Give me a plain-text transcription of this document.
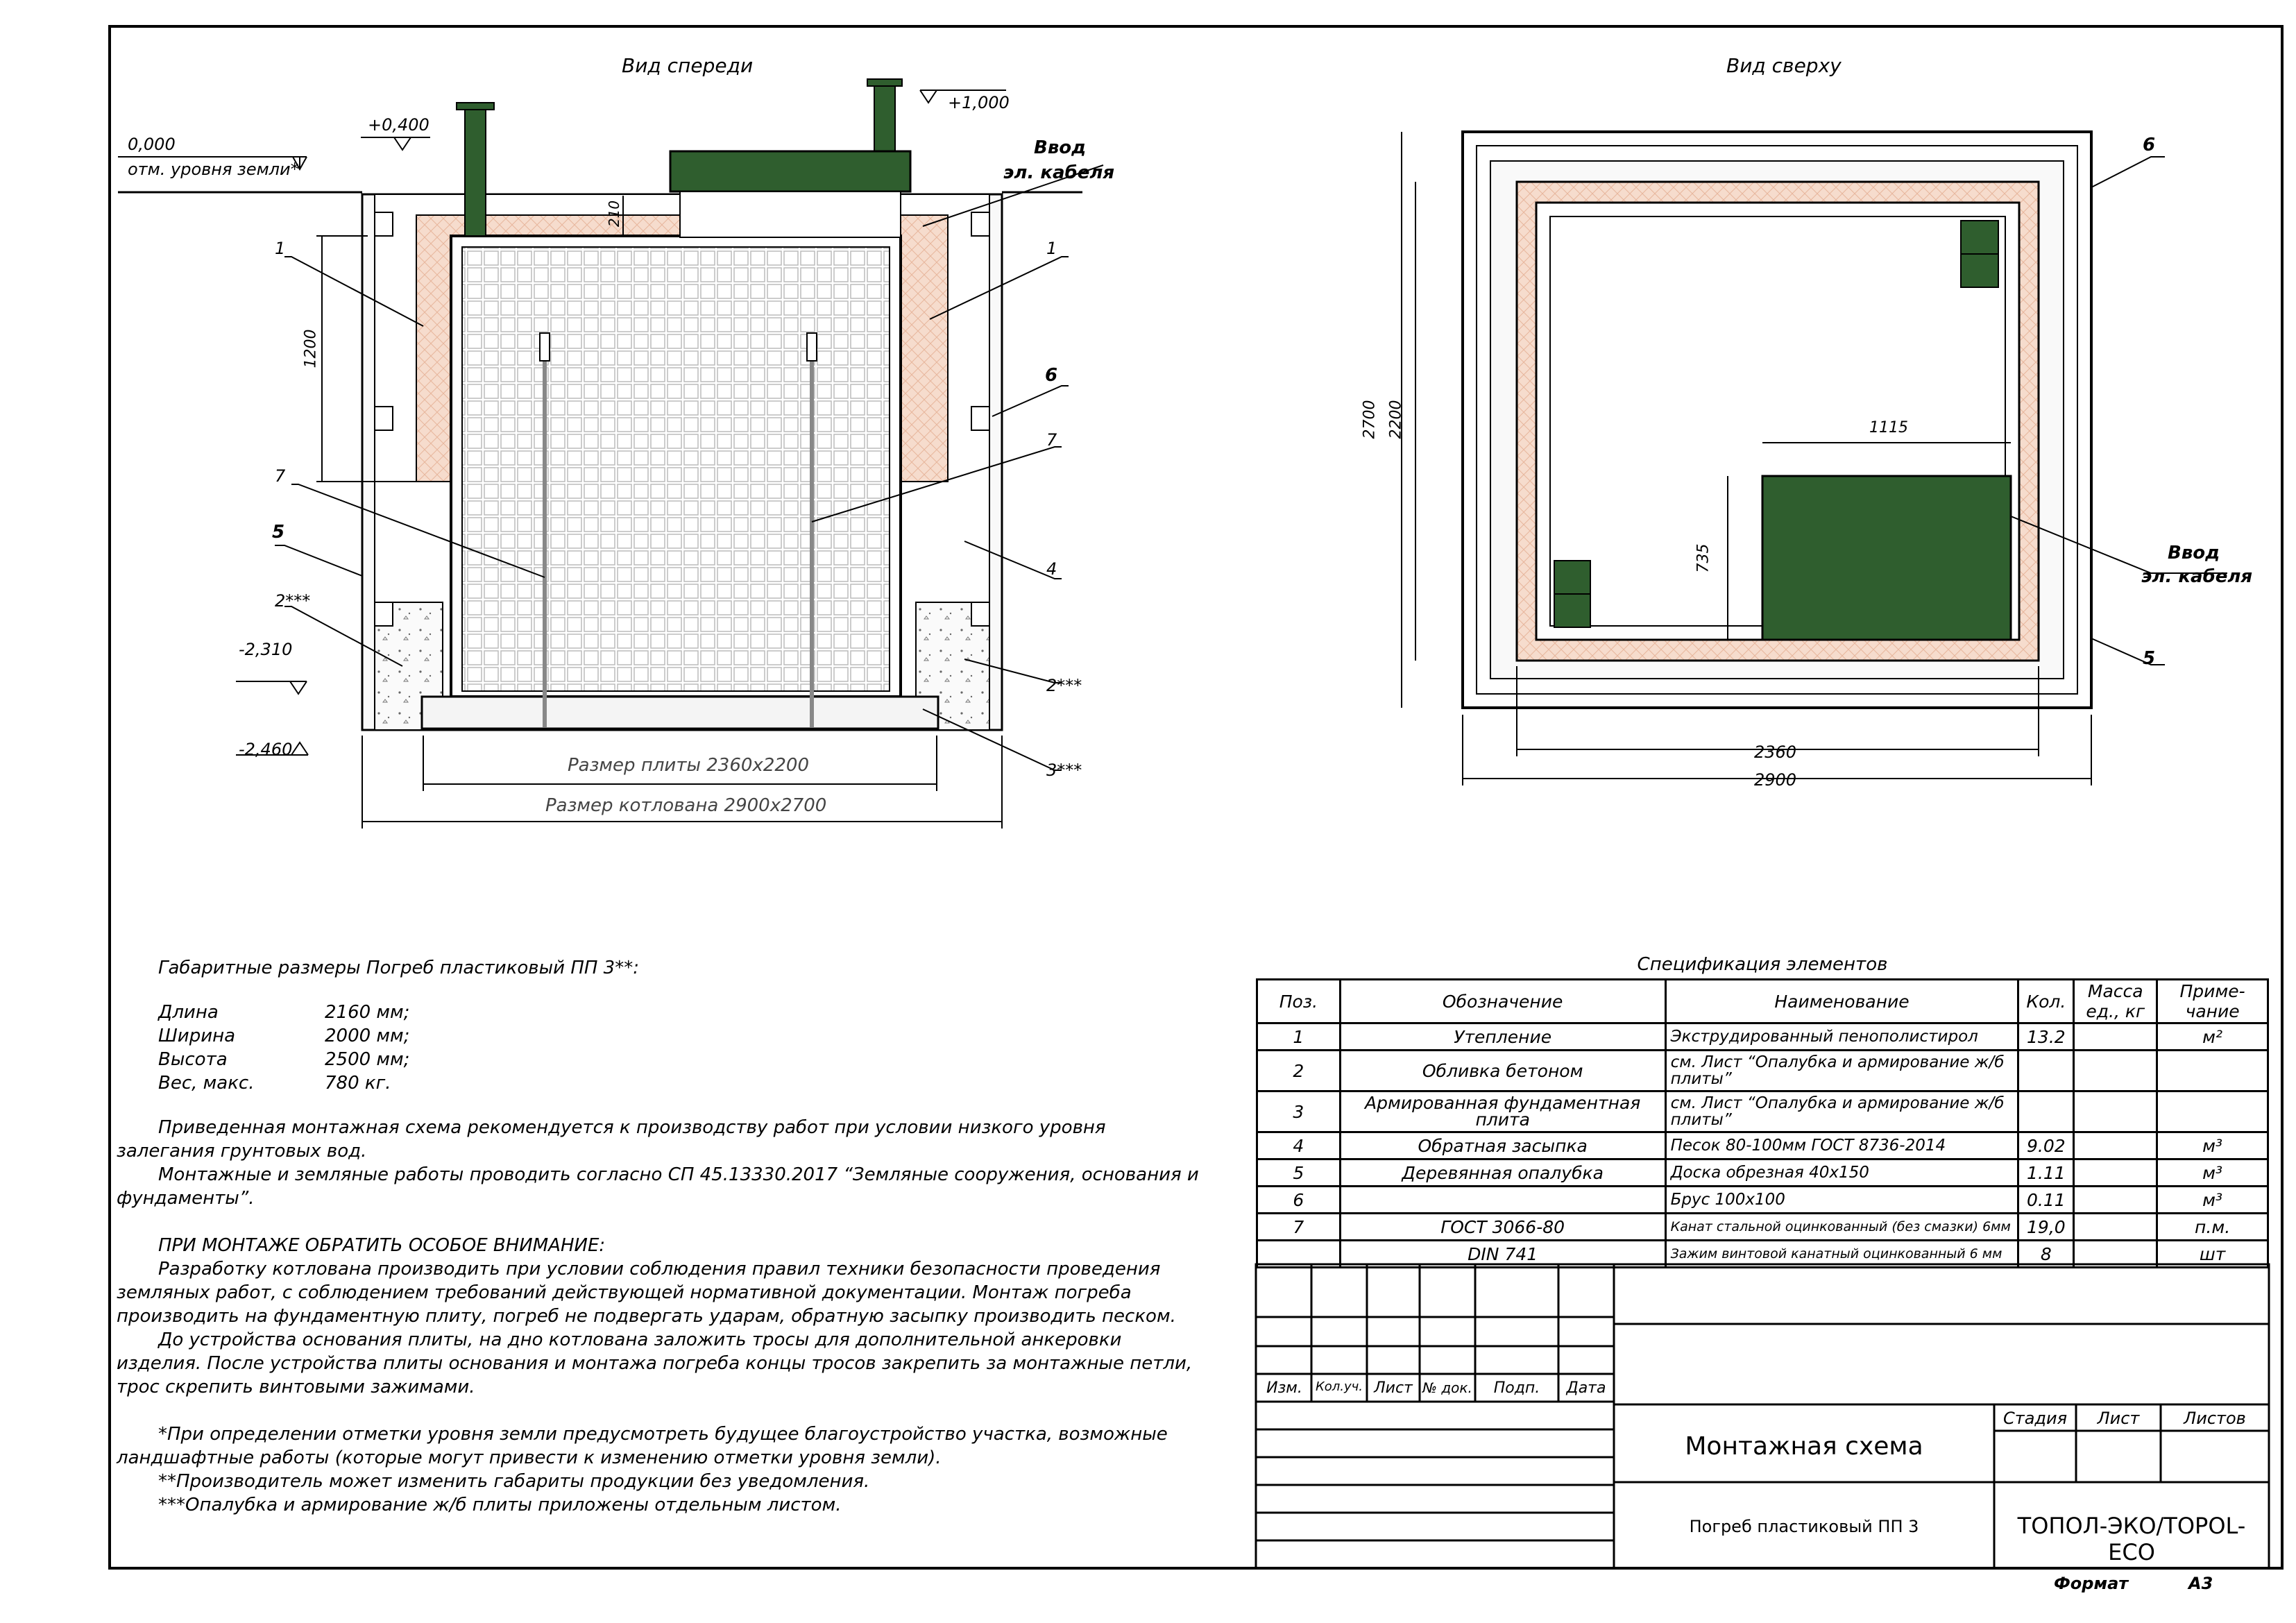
Вид спереди
0,000
отм. уровня земли*
+0,400
+1,000
-2,310
-2,460
210
1200
Ввод
эл. кабеля
Размер плиты 2360х2200
Размер котлована 2900х2700
1	1
7
7
6
5
4
2***
2***
3***
Вид сверху
2700 2200	1115
735
2360
2900
6
5
Ввод
эл. кабеля

Габаритные размеры Погреб пластиковый ПП 3**:

Длина	2160 мм;
Ширина	2000 мм;
Высота	2500 мм;
Вес, макс.	780 кг.

Приведенная монтажная схема рекомендуется к производству работ при условии низкого уровня залегания грунтовых вод.

Монтажные и земляные работы проводить согласно СП 45.13330.2017 “Земляные сооружения, основания и фундаменты”.

ПРИ МОНТАЖЕ ОБРАТИТЬ ОСОБОЕ ВНИМАНИЕ:

Разработку котлована производить при условии соблюдения правил техники безопасности проведения земляных работ, с соблюдением требований действующей нормативной документации. Монтаж погреба производить на фундаментную плиту, погреб не подвергать ударам, обратную засыпку производить песком.

До устройства основания плиты, на дно котлована заложить тросы для дополнительной анкеровки изделия. После устройства плиты основания и монтажа погреба концы тросов закрепить за монтажные петли, трос скрепить винтовыми зажимами.

*При определении отметки уровня земли предусмотреть будущее благоустройство участка, возможные ландшафтные работы (которые могут привести к изменению отметки уровня земли).

**Производитель может изменить габариты продукции без уведомления.

***Опалубка и армирование ж/б плиты приложены отдельным листом.

Спецификация элементов
Поз.	Обозначение	Наименование	Кол.	Масса ед., кг	Приме-чание
1	Утепление	Экструдированный пенополистирол	13.2		м²
2	Обливка бетоном	см. Лист “Опалубка и армирование ж/б плиты”			
3	Армированная фундаментная плита	см. Лист “Опалубка и армирование ж/б плиты”			
4	Обратная засыпка	Песок 80-100мм ГОСТ 8736-2014	9.02		м³
5	Деревянная опалубка	Доска обрезная 40х150	1.11		м³
6		Брус 100х100	0.11		м³
7	ГОСТ 3066-80	Канат стальной оцинкованный (без смазки) 6мм	19,0		п.м.
	DIN 741	Зажим винтовой канатный оцинкованный 6 мм	8		шт
Изм.	Кол.уч. Лист № док.	Подп.	Дата
Монтажная схема
Стадия	Лист	Листов
Погреб пластиковый ПП 3	ТОПОЛ-ЭКО/TOPOL-ECO
Формат	А3
